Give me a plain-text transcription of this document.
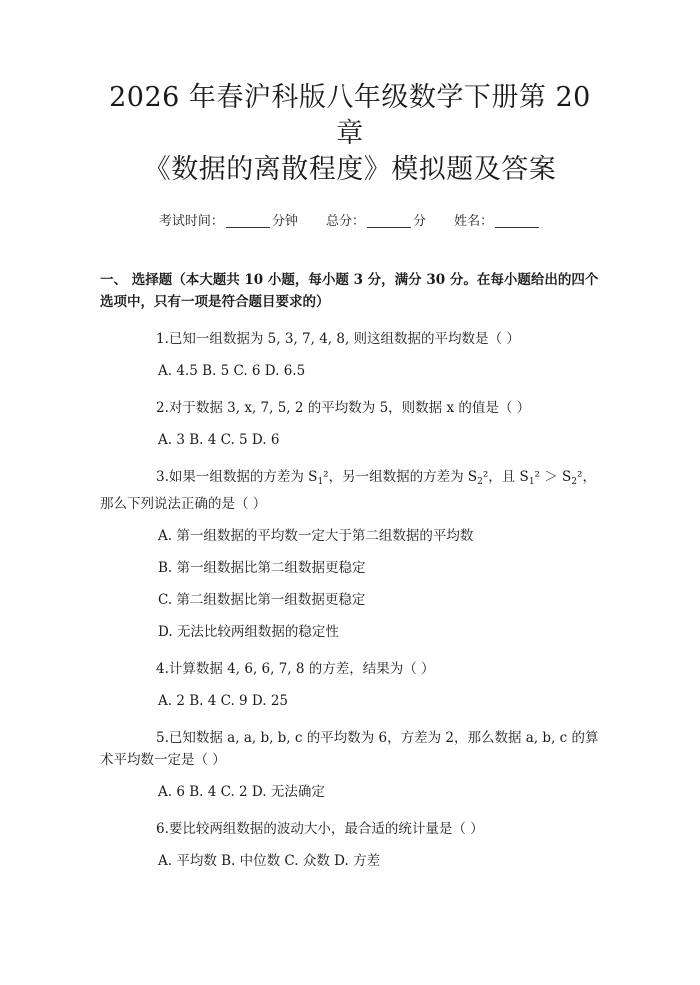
2026 年春沪科版八年级数学下册第 20 章
《数据的离散程度》模拟题及答案
考试时间：	分钟 总分：	分 姓名：
一、 选择题（本大题共 10 小题，每小题 3 分，满分 30 分。在每小题给出的四个选项中，只有一项是符合题目要求的）
1.已知一组数据为 5, 3, 7, 4, 8, 则这组数据的平均数是（ ）
A. 4.5 B. 5 C. 6 D. 6.5
2.对于数据 3, x, 7, 5, 2 的平均数为 5，则数据 x 的值是（ ）
A. 3 B. 4 C. 5 D. 6
3.如果一组数据的方差为 $S_1^2$，另一组数据的方差为 $S_2^2$，且 $S_1^2 > S_2^2$，那么下列说法正确的是（ ）
A. 第一组数据的平均数一定大于第二组数据的平均数
B. 第一组数据比第二组数据更稳定
C. 第二组数据比第一组数据更稳定
D. 无法比较两组数据的稳定性
4.计算数据 4, 6, 6, 7, 8 的方差，结果为（ ）
A. 2 B. 4 C. 9 D. 25
5.已知数据 a, a, b, b, c 的平均数为 6，方差为 2，那么数据 a, b, c 的算术平均数一定是（ ）
A. 6 B. 4 C. 2 D. 无法确定
6.要比较两组数据的波动大小，最合适的统计量是（ ）
A. 平均数 B. 中位数 C. 众数 D. 方差
